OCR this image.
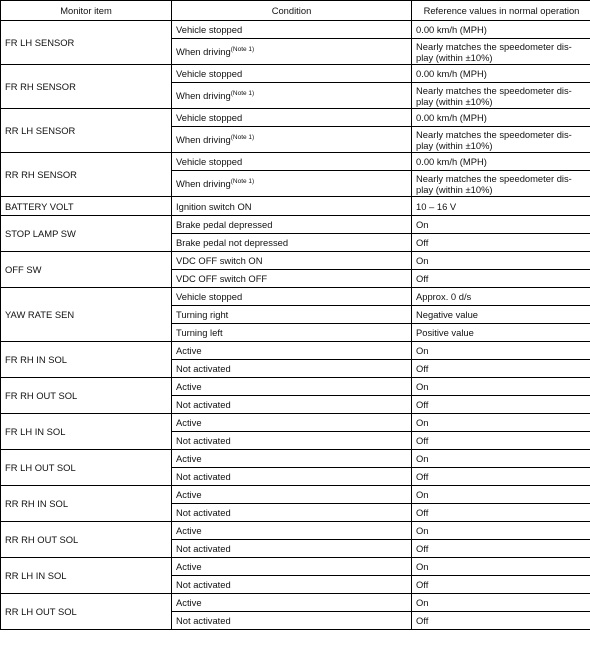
Monitor item	Condition	Reference values in normal operation
FR LH SENSOR	Vehicle stopped	0.00 km/h (MPH)
	When driving$^{(Note 1)}$	Nearly matches the speedometer dis-play (within ±10%)
FR RH SENSOR	Vehicle stopped	0.00 km/h (MPH)
	When driving$^{(Note 1)}$	Nearly matches the speedometer dis-play (within ±10%)
RR LH SENSOR	Vehicle stopped	0.00 km/h (MPH)
	When driving$^{(Note 1)}$	Nearly matches the speedometer dis-play (within ±10%)
RR RH SENSOR	Vehicle stopped	0.00 km/h (MPH)
	When driving$^{(Note 1)}$	Nearly matches the speedometer dis-play (within ±10%)
BATTERY VOLT	Ignition switch ON	10 – 16 V
STOP LAMP SW	Brake pedal depressed	On
	Brake pedal not depressed	Off
OFF SW	VDC OFF switch ON	On
	VDC OFF switch OFF	Off
YAW RATE SEN	Vehicle stopped	Approx. 0 d/s
	Turning right	Negative value
	Turning left	Positive value
FR RH IN SOL	Active	On
	Not activated	Off
FR RH OUT SOL	Active	On
	Not activated	Off
FR LH IN SOL	Active	On
	Not activated	Off
FR LH OUT SOL	Active	On
	Not activated	Off
RR RH IN SOL	Active	On
	Not activated	Off
RR RH OUT SOL	Active	On
	Not activated	Off
RR LH IN SOL	Active	On
	Not activated	Off
RR LH OUT SOL	Active	On
	Not activated	Off
